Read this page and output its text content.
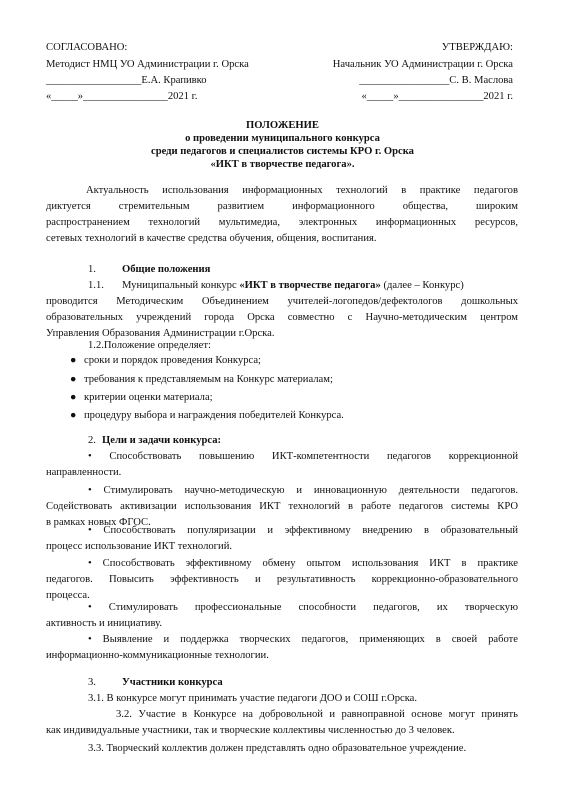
СОГЛАСОВАНО:
Методист НМЦ УО Администрации г. Орска
__________________Е.А. Крапивко
«_____»________________2021 г.
УТВЕРЖДАЮ:
Начальник УО Администрации г. Орска
_________________С. В. Маслова
«_____»________________2021 г.
ПОЛОЖЕНИЕ
о проведении муниципального конкурса
среди педагогов и специалистов системы КРО г. Орска
«ИКТ в творчестве педагога».
Актуальность использования информационных технологий в практике педагогов
диктуется стремительным развитием информационного общества, широким
распространением технологий мультимедиа, электронных информационных ресурсов,
сетевых технологий в качестве средства обучения, общения, воспитания.
1. Общие положения
1.1. Муниципальный конкурс «ИКТ в творчестве педагога» (далее – Конкурс)
проводится Методическим Объединением учителей-логопедов/дефектологов дошкольных
образовательных учреждений города Орска совместно с Научно-методическим центром
Управления Образования Администрации г.Орска.
1.2.Положение определяет:
● сроки и порядок проведения Конкурса;
● требования к представляемым на Конкурс материалам;
● критерии оценки материала;
● процедуру выбора и награждения победителей Конкурса.
2. Цели и задачи конкурса:
• Способствовать повышению ИКТ-компетентности педагогов коррекционной
направленности.
• Стимулировать научно-методическую и инновационную деятельности педагогов.
Содействовать активизации использования ИКТ технологий в работе педагогов системы КРО
в рамках новых ФГОС.
• Способствовать популяризации и эффективному внедрению в образовательный
процесс использование ИКТ технологий.
• Способствовать эффективному обмену опытом использования ИКТ в практике
педагогов. Повысить эффективность и результативность коррекционно-образовательного
процесса.
• Стимулировать профессиональные способности педагогов, их творческую
активность и инициативу.
• Выявление и поддержка творческих педагогов, применяющих в своей работе
информационно-коммуникационные технологии.
3. Участники конкурса
3.1. В конкурсе могут принимать участие педагоги ДОО и СОШ г.Орска.
3.2. Участие в Конкурсе на добровольной и равноправной основе могут принять
как индивидуальные участники, так и творческие коллективы численностью до 3 человек.
3.3. Творческий коллектив должен представлять одно образовательное учреждение.
